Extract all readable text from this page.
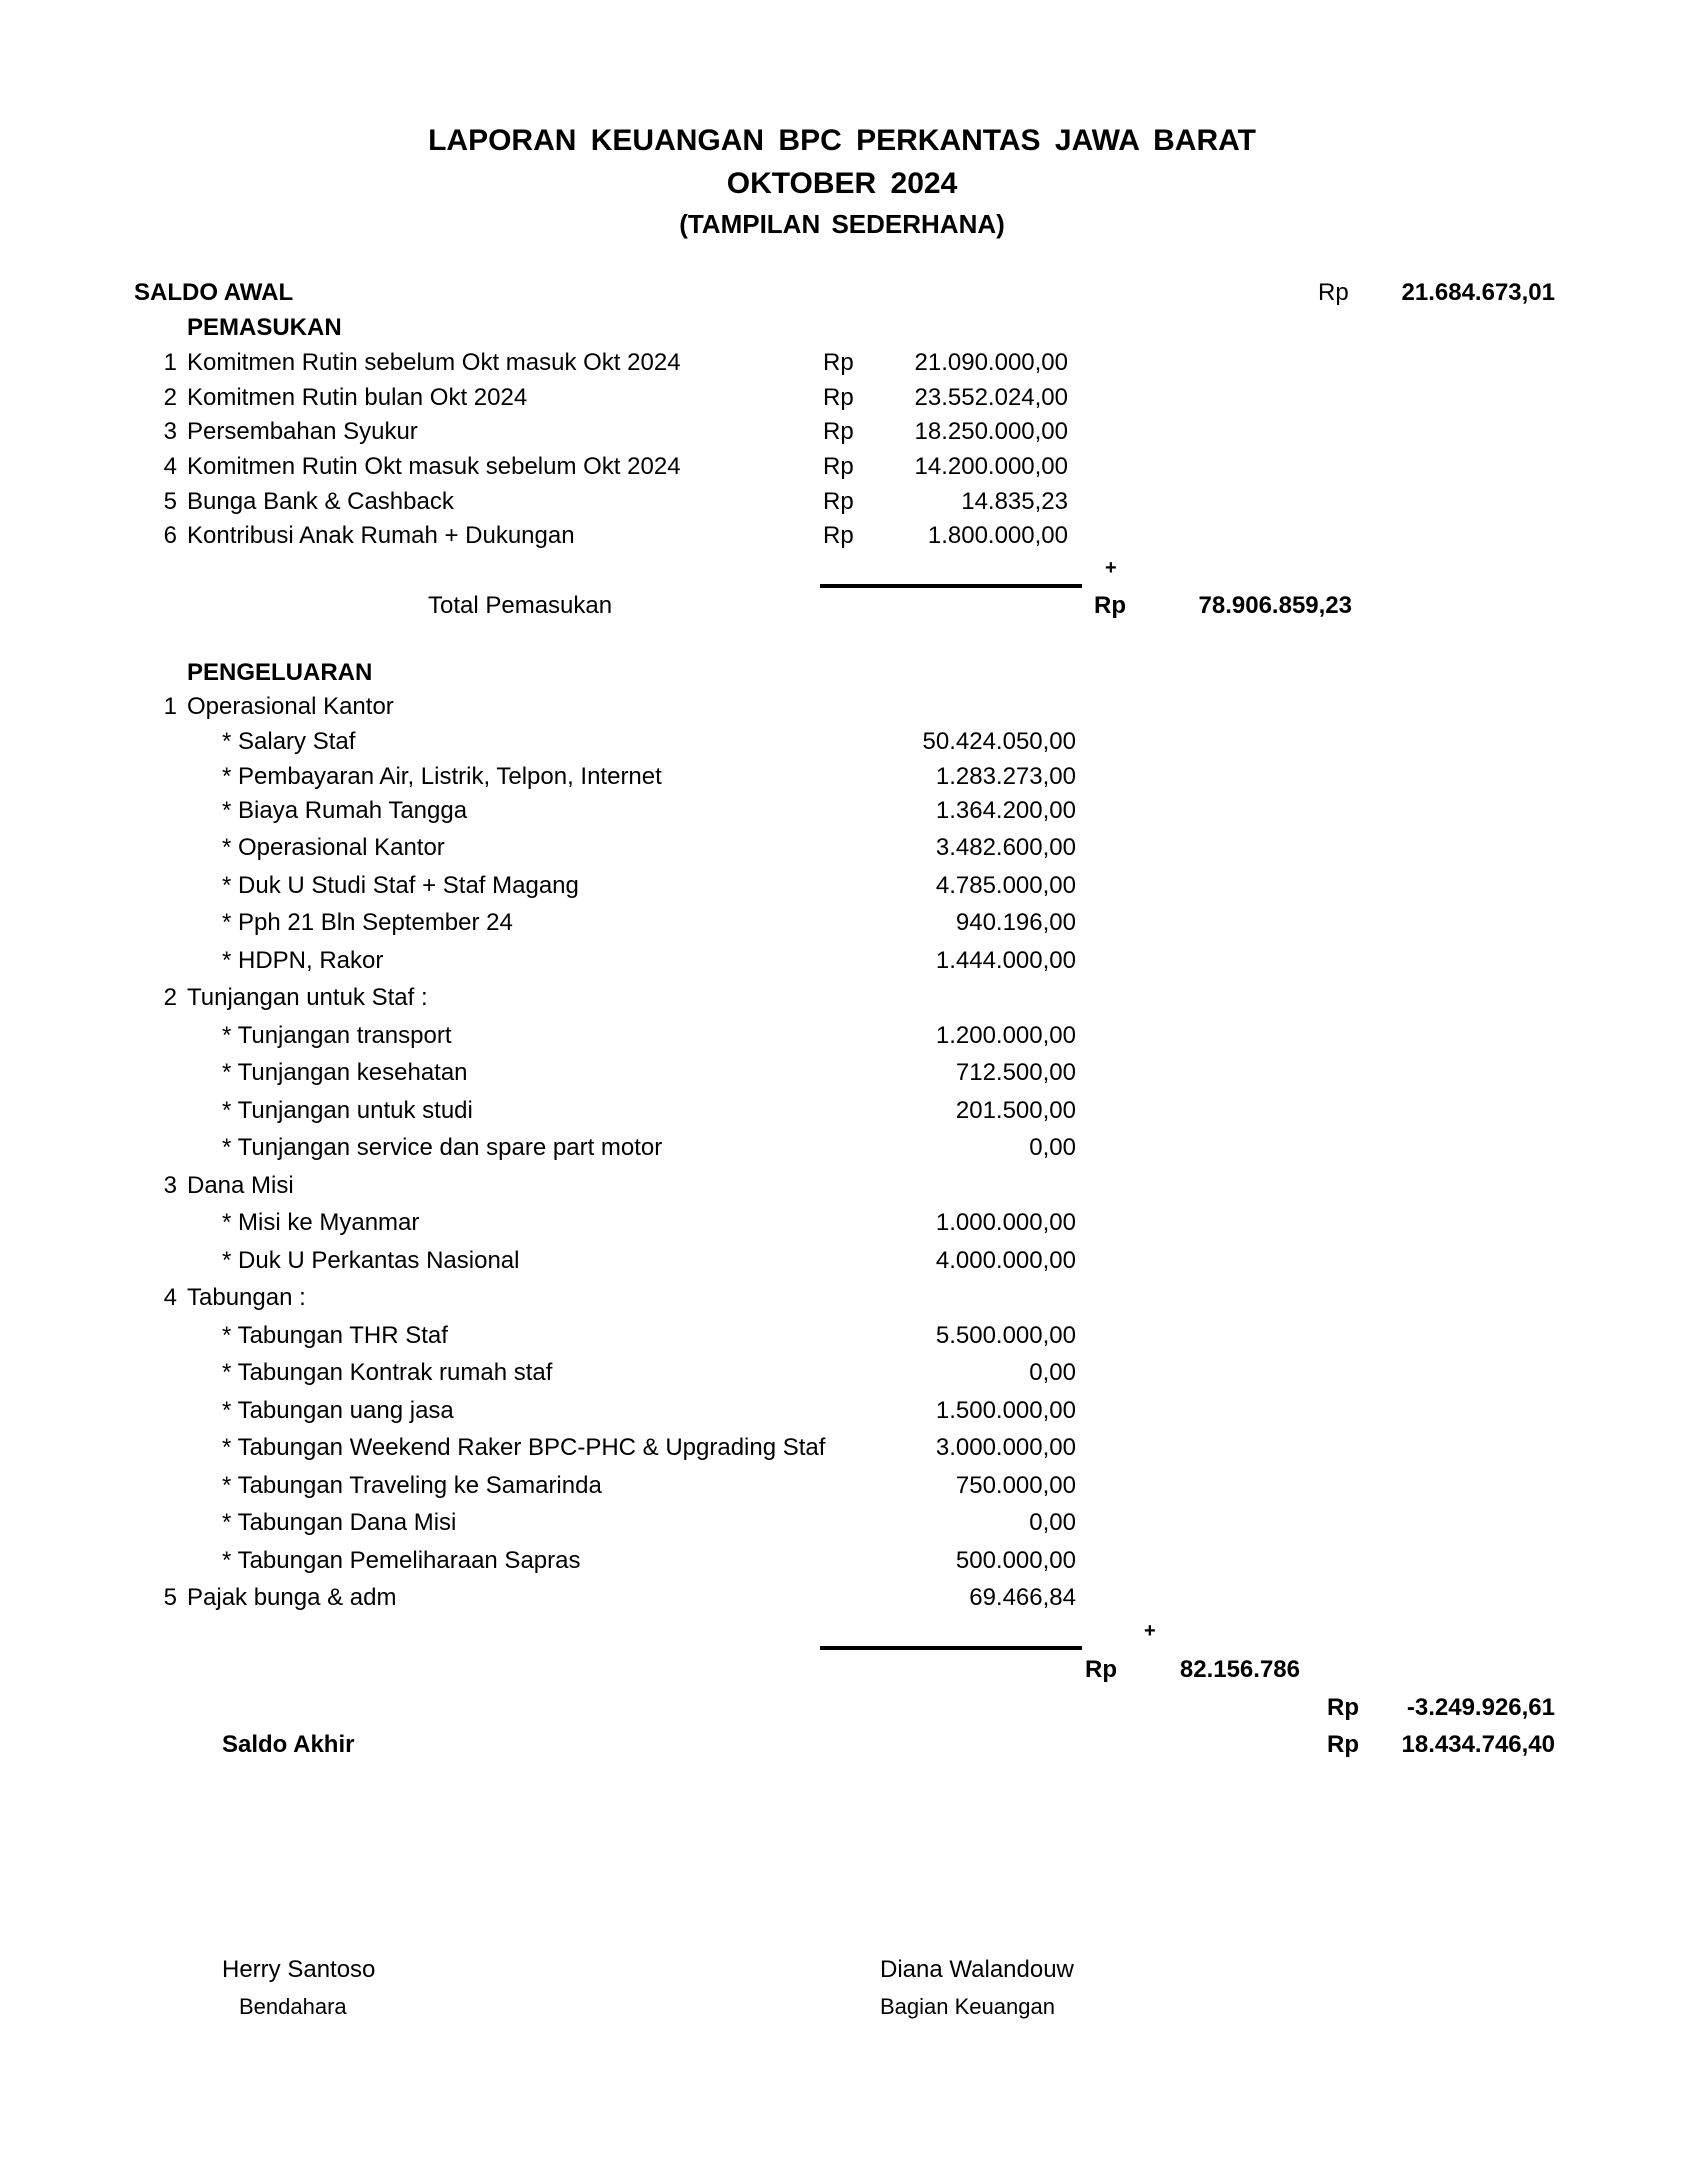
LAPORAN KEUANGAN BPC PERKANTAS JAWA BARAT
OKTOBER 2024
(TAMPILAN SEDERHANA)
SALDO AWAL	Rp	21.684.673,01
PEMASUKAN
1 Komitmen Rutin sebelum Okt masuk Okt 2024	Rp	21.090.000,00
2 Komitmen Rutin bulan Okt 2024	Rp	23.552.024,00
3 Persembahan Syukur	Rp	18.250.000,00
4 Komitmen Rutin Okt masuk sebelum Okt 2024	Rp	14.200.000,00
5 Bunga Bank & Cashback	Rp	14.835,23
6 Kontribusi Anak Rumah + Dukungan	Rp	1.800.000,00
+
Total Pemasukan	Rp	78.906.859,23
PENGELUARAN
1 Operasional Kantor
* Salary Staf	50.424.050,00
* Pembayaran Air, Listrik, Telpon, Internet	1.283.273,00
* Biaya Rumah Tangga	1.364.200,00
* Operasional Kantor	3.482.600,00
* Duk U Studi Staf + Staf Magang	4.785.000,00
* Pph 21 Bln September 24	940.196,00
* HDPN, Rakor	1.444.000,00
2 Tunjangan untuk Staf :
* Tunjangan transport	1.200.000,00
* Tunjangan kesehatan	712.500,00
* Tunjangan untuk studi	201.500,00
* Tunjangan service dan spare part motor	0,00
3 Dana Misi
* Misi ke Myanmar	1.000.000,00
* Duk U Perkantas Nasional	4.000.000,00
4 Tabungan :
* Tabungan THR Staf	5.500.000,00
* Tabungan Kontrak rumah staf	0,00
* Tabungan uang jasa	1.500.000,00
* Tabungan Weekend Raker BPC-PHC & Upgrading Staf	3.000.000,00
* Tabungan Traveling ke Samarinda	750.000,00
* Tabungan Dana Misi	0,00
* Tabungan Pemeliharaan Sapras	500.000,00
5 Pajak bunga & adm	69.466,84
+
Rp	82.156.786
Rp	-3.249.926,61
Saldo Akhir	Rp	18.434.746,40
Herry Santoso
Bendahara
Diana Walandouw
Bagian Keuangan
